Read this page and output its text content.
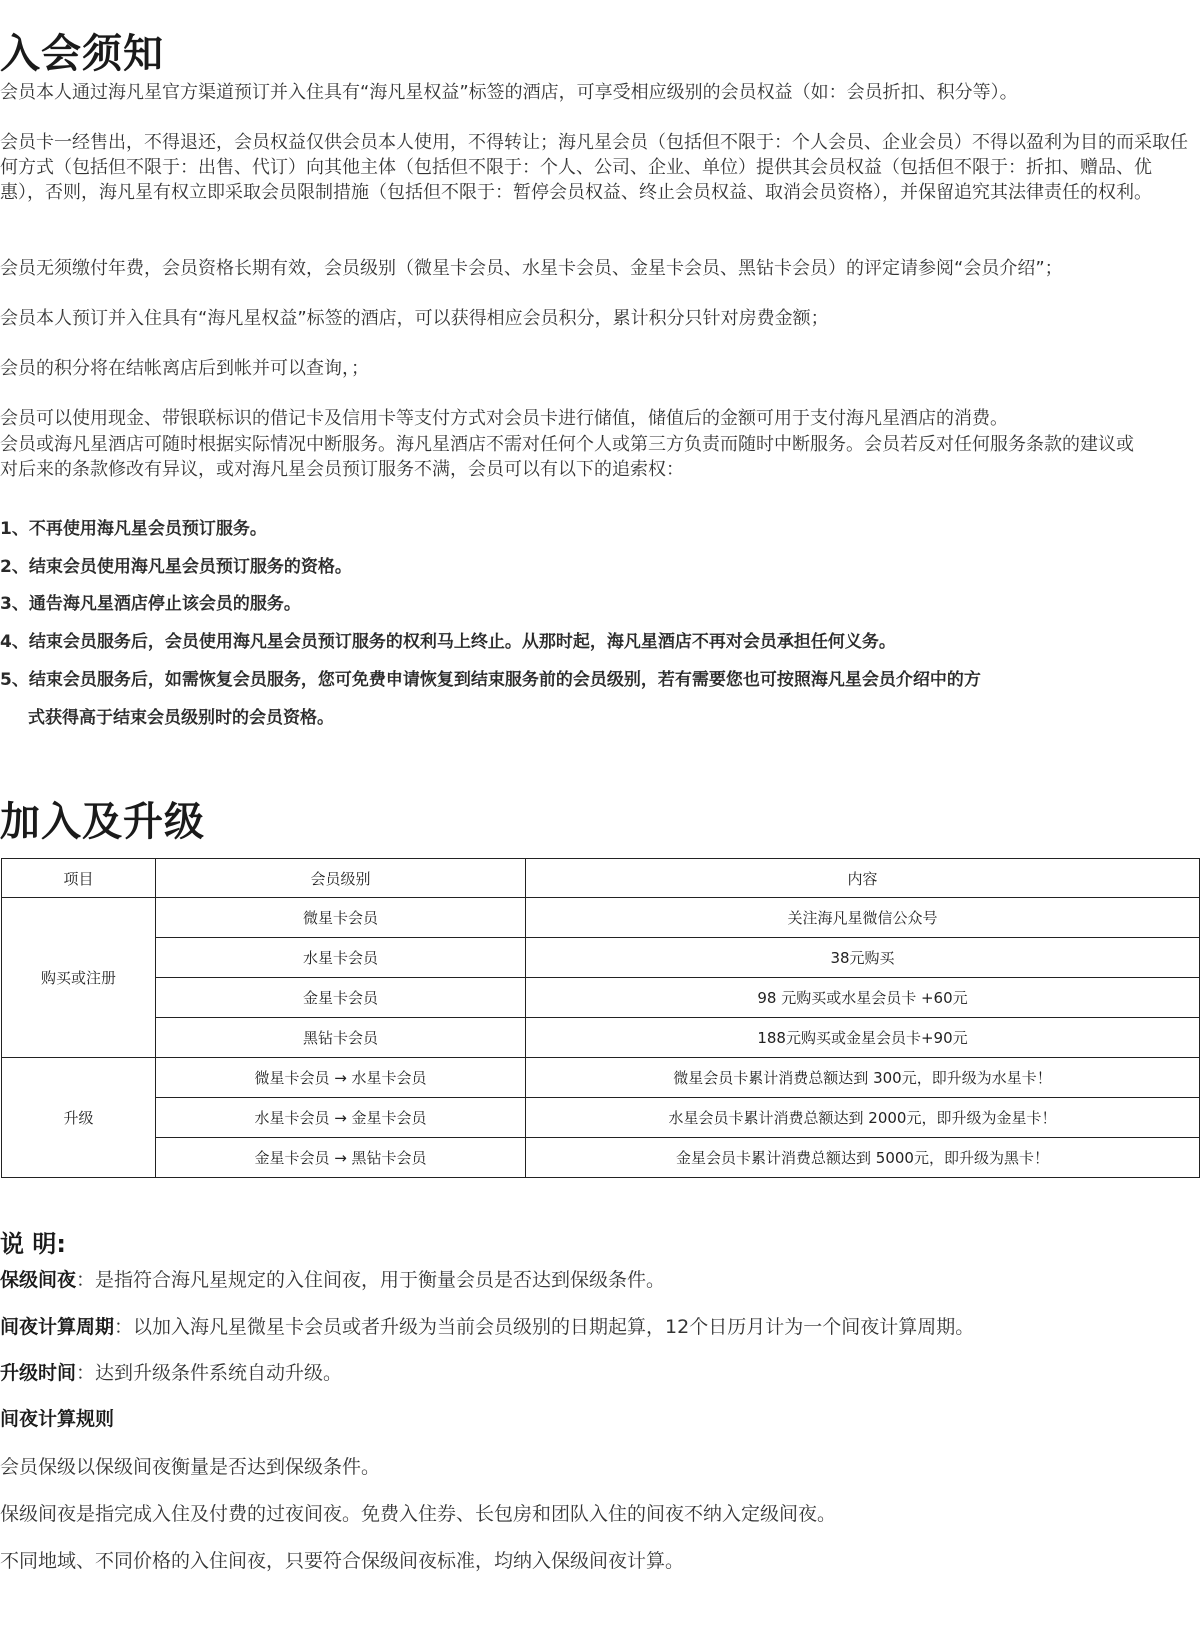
入会须知

会员本人通过海凡星官方渠道预订并入住具有“海凡星权益”标签的酒店，可享受相应级别的会员权益（如：会员折扣、积分等）。

会员卡一经售出，不得退还，会员权益仅供会员本人使用，不得转让；海凡星会员（包括但不限于：个人会员、企业会员）不得以盈利为目的而采取任何方式（包括但不限于：出售、代订）向其他主体（包括但不限于：个人、公司、企业、单位）提供其会员权益（包括但不限于：折扣、赠品、优惠），否则，海凡星有权立即采取会员限制措施（包括但不限于：暂停会员权益、终止会员权益、取消会员资格），并保留追究其法律责任的权利。

会员无须缴付年费，会员资格长期有效，会员级别（微星卡会员、水星卡会员、金星卡会员、黑钻卡会员）的评定请参阅“会员介绍”；

会员本人预订并入住具有“海凡星权益”标签的酒店，可以获得相应会员积分，累计积分只针对房费金额；

会员的积分将在结帐离店后到帐并可以查询，；

会员可以使用现金、带银联标识的借记卡及信用卡等支付方式对会员卡进行储值，储值后的金额可用于支付海凡星酒店的消费。

会员或海凡星酒店可随时根据实际情况中断服务。海凡星酒店不需对任何个人或第三方负责而随时中断服务。会员若反对任何服务条款的建议或对后来的条款修改有异议，或对海凡星会员预订服务不满，会员可以有以下的追索权：

1、不再使用海凡星会员预订服务。

2、结束会员使用海凡星会员预订服务的资格。

3、通告海凡星酒店停止该会员的服务。

4、结束会员服务后，会员使用海凡星会员预订服务的权利马上终止。从那时起，海凡星酒店不再对会员承担任何义务。

5、结束会员服务后，如需恢复会员服务，您可免费申请恢复到结束服务前的会员级别，若有需要您也可按照海凡星会员介绍中的方

式获得高于结束会员级别时的会员资格。

加入及升级
项目	会员级别	内容
购买或注册	微星卡会员	关注海凡星微信公众号
	水星卡会员	38元购买
	金星卡会员	98 元购买或水星会员卡 +60元
	黑钻卡会员	188元购买或金星会员卡+90元
升级	微星卡会员 → 水星卡会员	微星会员卡累计消费总额达到 300元，即升级为水星卡！
	水星卡会员 → 金星卡会员	水星会员卡累计消费总额达到 2000元，即升级为金星卡！
	金星卡会员 → 黑钻卡会员	金星会员卡累计消费总额达到 5000元，即升级为黑卡！
说 明:

保级间夜：是指符合海凡星规定的入住间夜，用于衡量会员是否达到保级条件。

间夜计算周期：以加入海凡星微星卡会员或者升级为当前会员级别的日期起算，12个日历月计为一个间夜计算周期。

升级时间：达到升级条件系统自动升级。

间夜计算规则

会员保级以保级间夜衡量是否达到保级条件。

保级间夜是指完成入住及付费的过夜间夜。免费入住券、长包房和团队入住的间夜不纳入定级间夜。

不同地域、不同价格的入住间夜，只要符合保级间夜标准，均纳入保级间夜计算。
